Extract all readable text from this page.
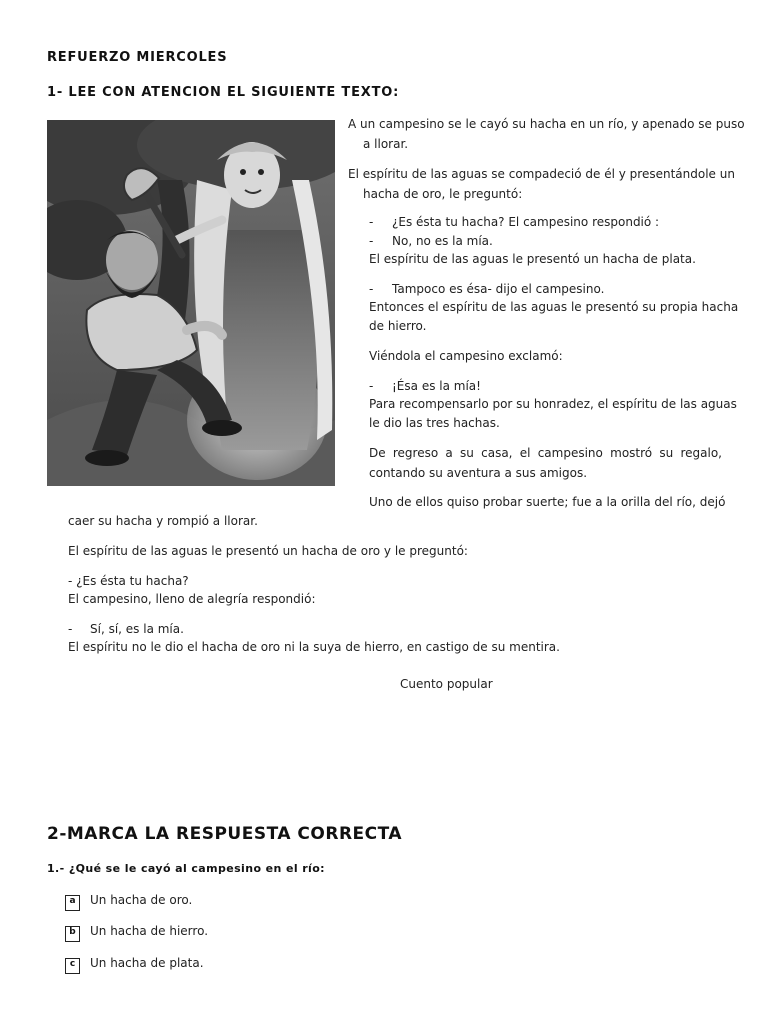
REFUERZO MIERCOLES
1- LEE CON ATENCION EL SIGUIENTE TEXTO:
A un campesino se le cayó su hacha en un río, y apenado se puso
a llorar.
El espíritu de las aguas se compadeció de él y presentándole un
hacha de oro, le preguntó:
- ¿Es ésta tu hacha? El campesino respondió :
- No, no es la mía.
El espíritu de las aguas le presentó un hacha de plata.
- Tampoco es ésa- dijo el campesino.
Entonces el espíritu de las aguas le presentó su propia hacha
de hierro.
Viéndola el campesino exclamó:
- ¡Ésa es la mía!
Para recompensarlo por su honradez, el espíritu de las aguas
le dio las tres hachas.
De regreso a su casa, el campesino mostró su regalo,
contando su aventura a sus amigos.
Uno de ellos quiso probar suerte; fue a la orilla del río, dejó
caer su hacha y rompió a llorar.
El espíritu de las aguas le presentó un hacha de oro y le preguntó:
- ¿Es ésta tu hacha?
El campesino, lleno de alegría respondió:
- Sí, sí, es la mía.
El espíritu no le dio el hacha de oro ni la suya de hierro, en castigo de su mentira.
Cuento popular
2-MARCA LA RESPUESTA CORRECTA
1.- ¿Qué se le cayó al campesino en el río:
a	Un hacha de oro.
b	Un hacha de hierro.
c	Un hacha de plata.
